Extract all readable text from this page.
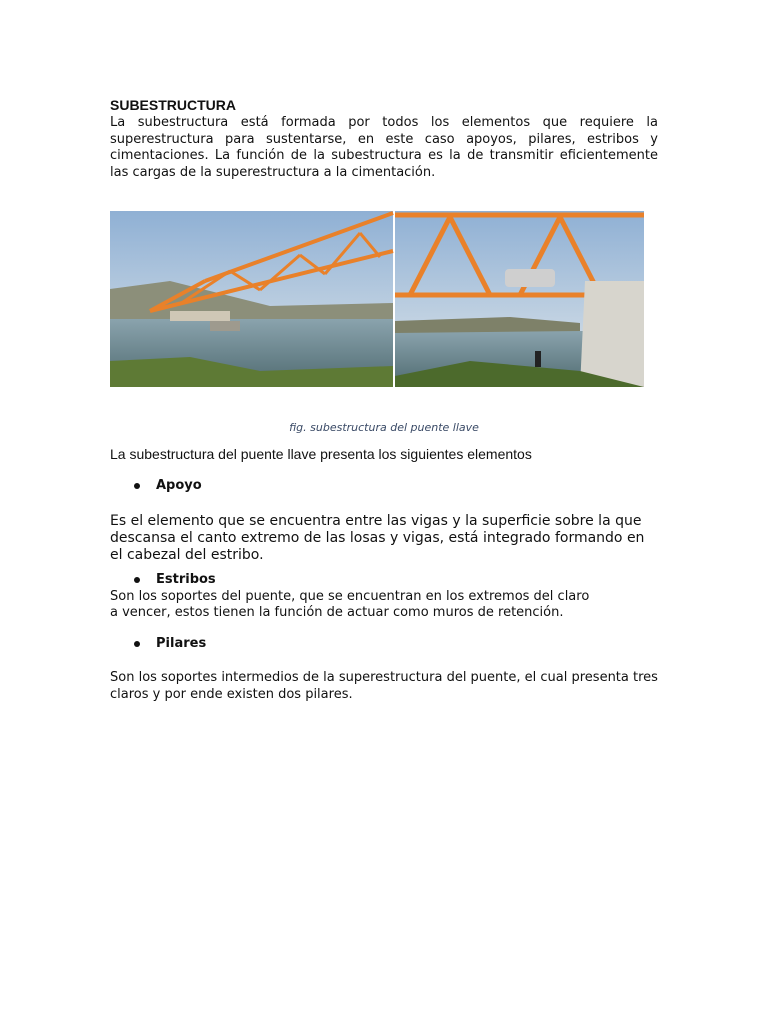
SUBESTRUCTURA

La subestructura está formada por todos los elementos que requiere la superestructura para sustentarse, en este caso apoyos, pilares, estribos y cimentaciones. La función de la subestructura es la de transmitir eficientemente las cargas de la superestructura a la cimentación.

fig. subestructura del puente llave
La subestructura del puente llave presenta los siguientes elementos
Apoyo
Es el elemento que se encuentra entre las vigas y la superficie sobre la que descansa el canto extremo de las losas y vigas, está integrado formando en el cabezal del estribo.
Estribos
Son los soportes del puente, que se encuentran en los extremos del claro a vencer, estos tienen la función de actuar como muros de retención.
Pilares
Son los soportes intermedios de la superestructura del puente, el cual presenta tres claros y por ende existen dos pilares.
